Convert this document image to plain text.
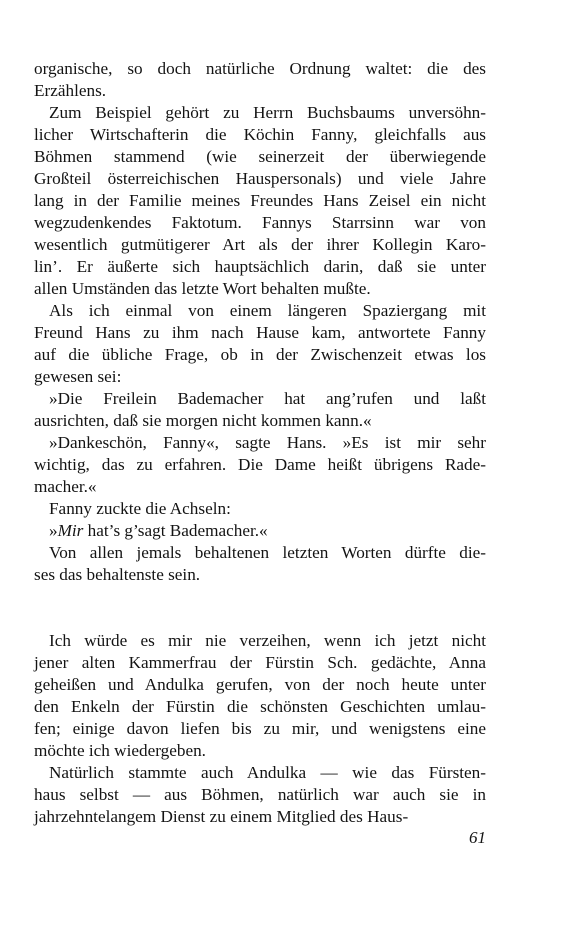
organische, so doch natürliche Ordnung waltet: die des
Erzählens.
Zum Beispiel gehört zu Herrn Buchsbaums unversöhn-
licher Wirtschafterin die Köchin Fanny, gleichfalls aus
Böhmen stammend (wie seinerzeit der überwiegende
Großteil österreichischen Hauspersonals) und viele Jahre
lang in der Familie meines Freundes Hans Zeisel ein nicht
wegzudenkendes Faktotum. Fannys Starrsinn war von
wesentlich gutmütigerer Art als der ihrer Kollegin Karo-
lin’. Er äußerte sich hauptsächlich darin, daß sie unter
allen Umständen das letzte Wort behalten mußte.
Als ich einmal von einem längeren Spaziergang mit
Freund Hans zu ihm nach Hause kam, antwortete Fanny
auf die übliche Frage, ob in der Zwischenzeit etwas los
gewesen sei:
»Die Freilein Bademacher hat ang’rufen und laßt
ausrichten, daß sie morgen nicht kommen kann.«
»Dankeschön, Fanny«, sagte Hans. »Es ist mir sehr
wichtig, das zu erfahren. Die Dame heißt übrigens Rade-
macher.«
Fanny zuckte die Achseln:
»Mir hat’s g’sagt Bademacher.«
Von allen jemals behaltenen letzten Worten dürfte die-
ses das behaltenste sein.
Ich würde es mir nie verzeihen, wenn ich jetzt nicht
jener alten Kammerfrau der Fürstin Sch. gedächte, Anna
geheißen und Andulka gerufen, von der noch heute unter
den Enkeln der Fürstin die schönsten Geschichten umlau-
fen; einige davon liefen bis zu mir, und wenigstens eine
möchte ich wiedergeben.
Natürlich stammte auch Andulka — wie das Fürsten-
haus selbst — aus Böhmen, natürlich war auch sie in
jahrzehntelangem Dienst zu einem Mitglied des Haus-
61
